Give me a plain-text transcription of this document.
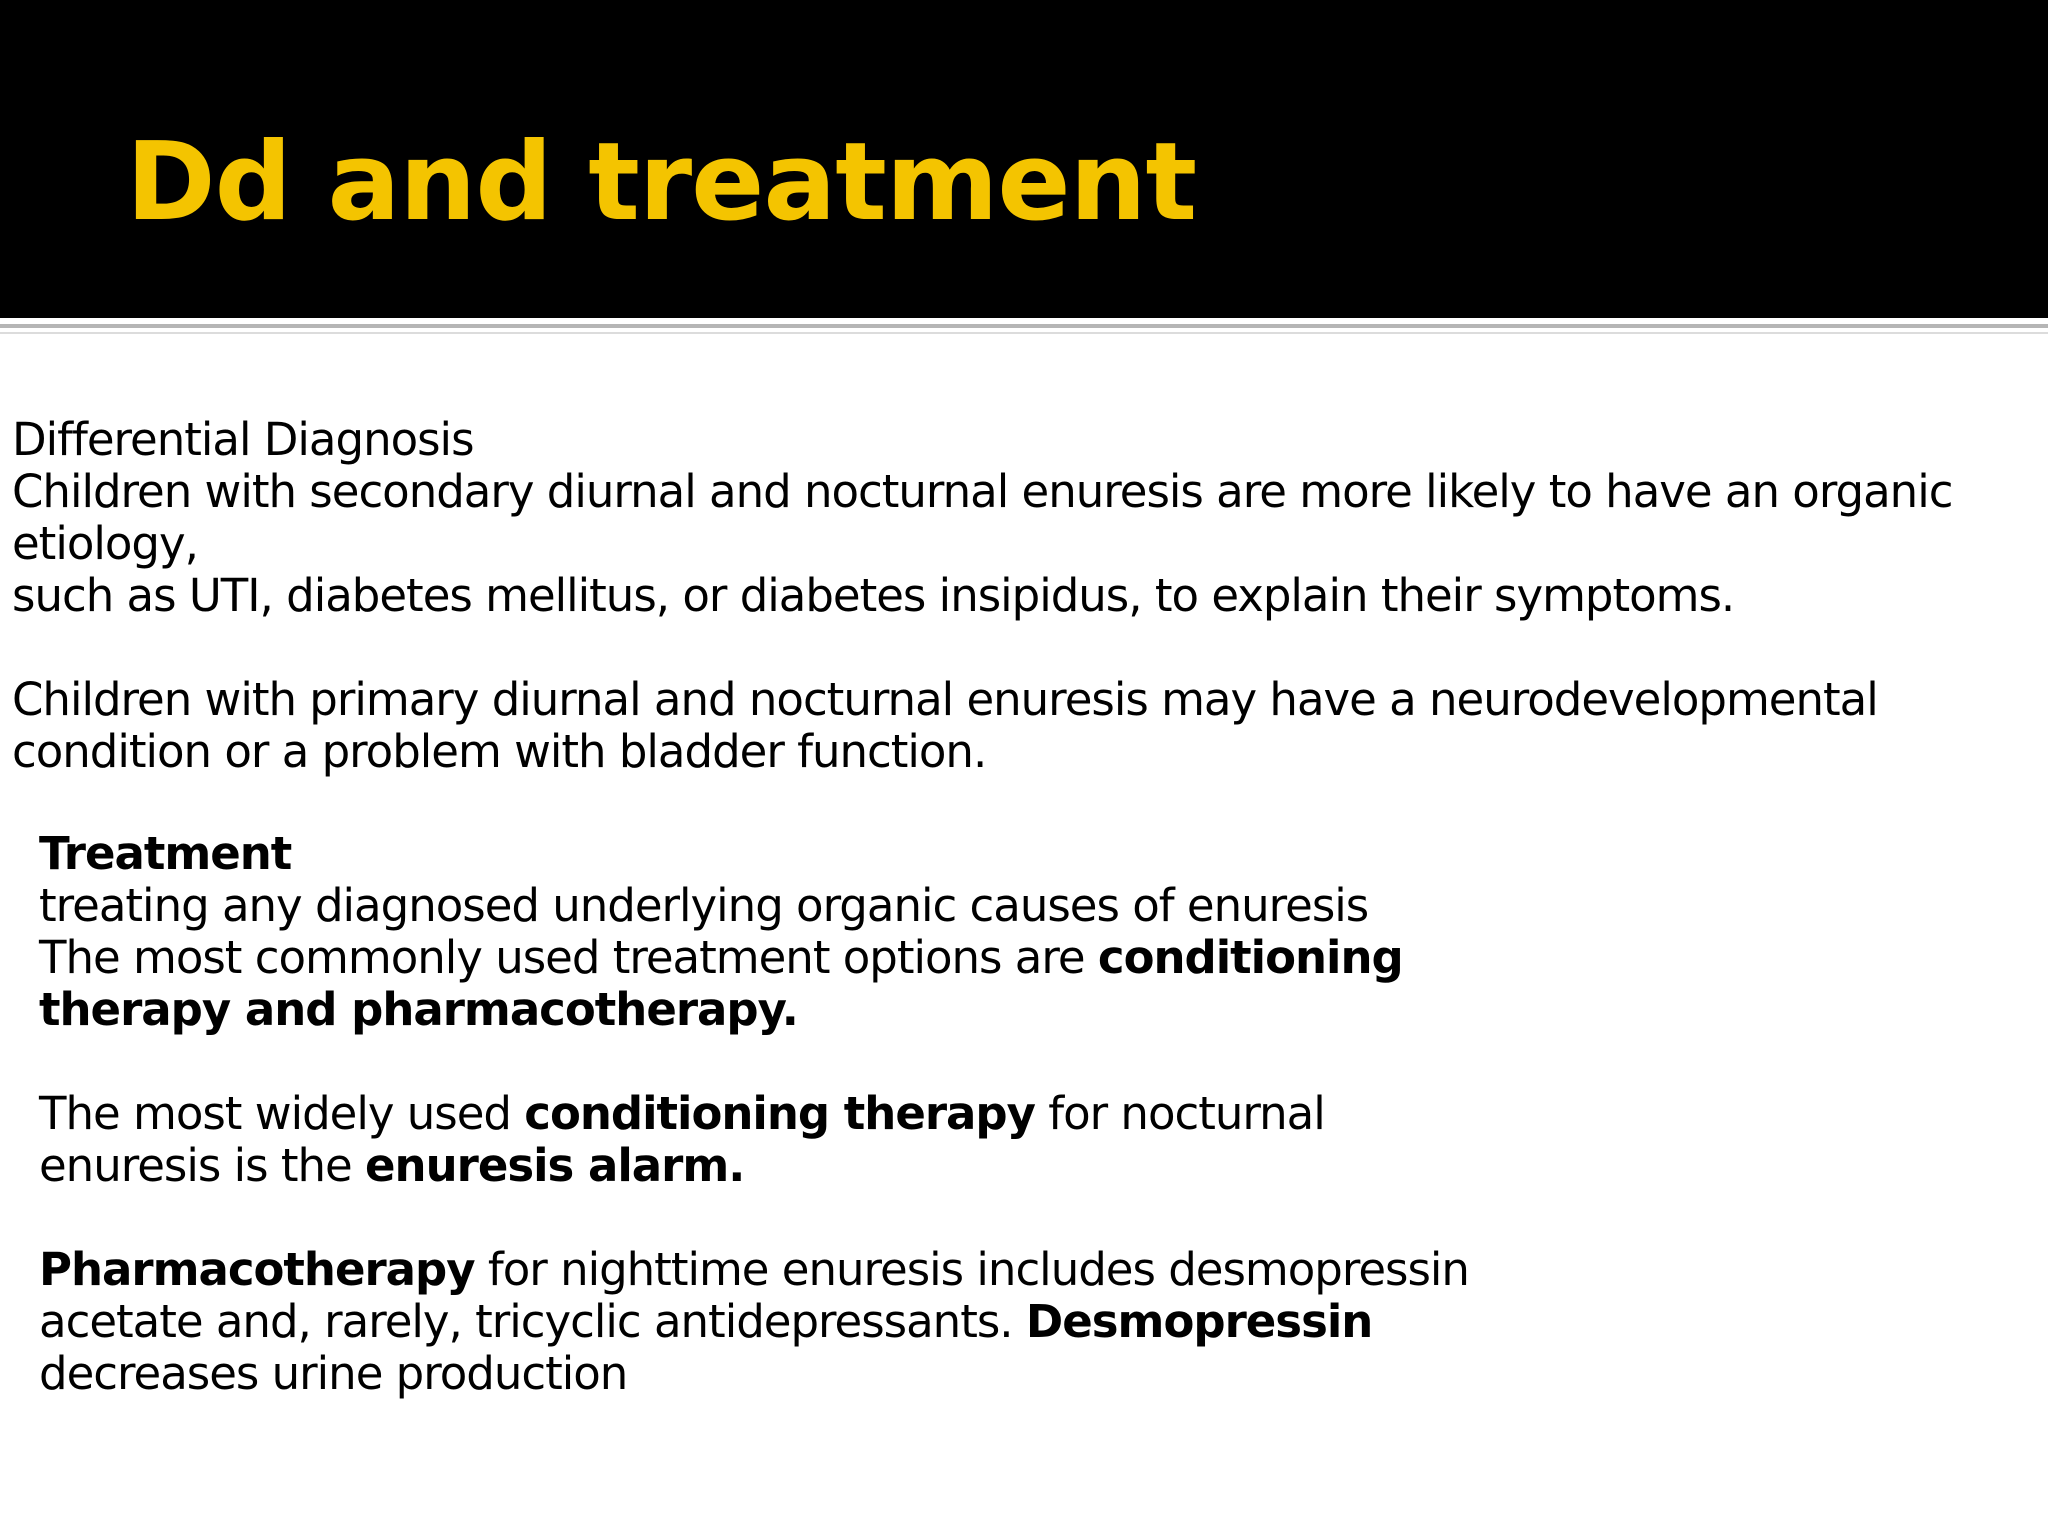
Dd and treatment
Differential Diagnosis
Children with secondary diurnal and nocturnal enuresis are more likely to have an organic
etiology,
such as UTI, diabetes mellitus, or diabetes insipidus, to explain their symptoms.
Children with primary diurnal and nocturnal enuresis may have a neurodevelopmental
condition or a problem with bladder function.
Treatment
treating any diagnosed underlying organic causes of enuresis
The most commonly used treatment options are conditioning
therapy and pharmacotherapy.
The most widely used conditioning therapy for nocturnal
enuresis is the enuresis alarm.
Pharmacotherapy for nighttime enuresis includes desmopressin
acetate and, rarely, tricyclic antidepressants. Desmopressin
decreases urine production
